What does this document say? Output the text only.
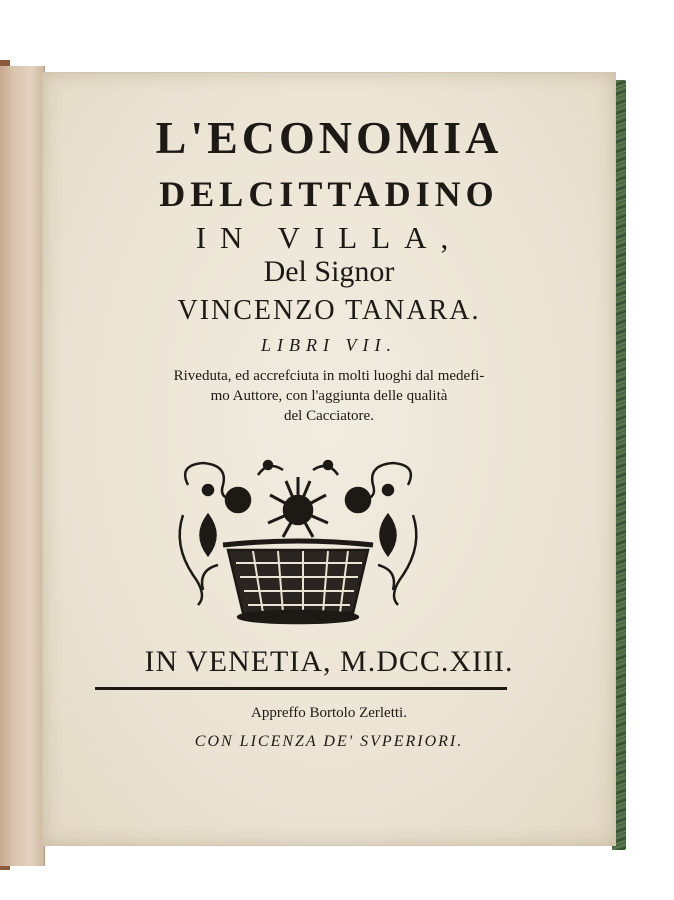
L'ECONOMIA
DELCITTADINO
IN VILLA,
Del Signor
VINCENZO TANARA.
LIBRI VII.
Riveduta, ed accrefciuta in molti luoghi dal medefi-
mo Auttore, con l'aggiunta delle qualità
del Cacciatore.
IN VENETIA, M.DCC.XIII.
Appreffo Bortolo Zerletti.
CON LICENZA DE' SVPERIORI.
